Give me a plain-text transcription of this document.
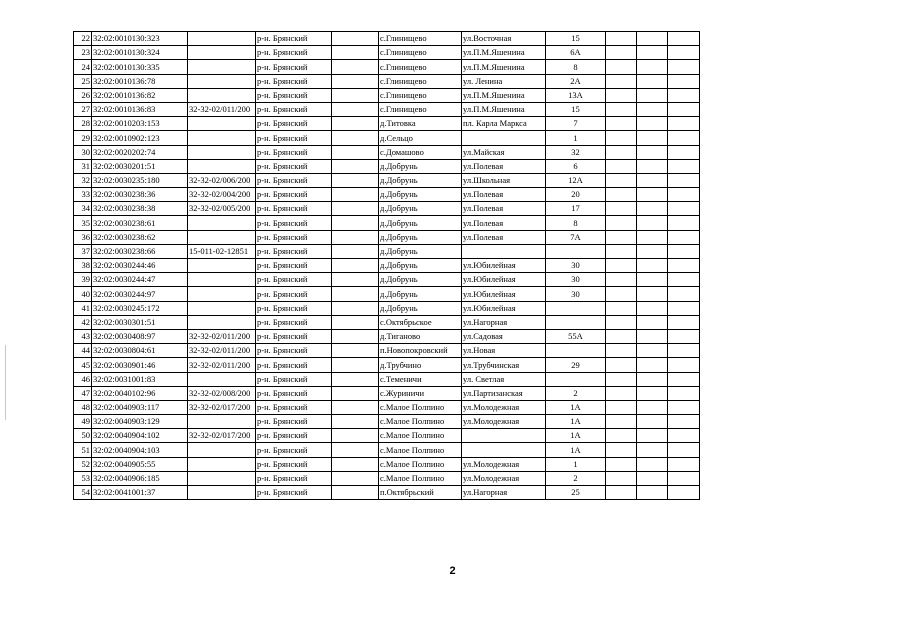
22	32:02:0010130:323		р-н. Брянский		с.Глинищево	ул.Восточная	15			
23	32:02:0010130:324		р-н. Брянский		с.Глинищево	ул.П.М.Яшенина	6А			
24	32:02:0010130:335		р-н. Брянский		с.Глинищево	ул.П.М.Яшенина	8			
25	32:02:0010136:78		р-н. Брянский		с.Глинищево	ул. Ленина	2А			
26	32:02:0010136:82		р-н. Брянский		с.Глинищево	ул.П.М.Яшенина	13А			
27	32:02:0010136:83	32-32-02/011/200	р-н. Брянский		с.Глинищево	ул.П.М.Яшенина	15			
28	32:02:0010203:153		р-н. Брянский		д.Титовка	пл. Карла Маркса	7			
29	32:02:0010902:123		р-н. Брянский		д.Сельцо		1			
30	32:02:0020202:74		р-н. Брянский		с.Домашово	ул.Майская	32			
31	32:02:0030201:51		р-н. Брянский		д.Добрунь	ул.Полевая	6			
32	32:02:0030235:180	32-32-02/006/200	р-н. Брянский		д.Добрунь	ул.Школьная	12А			
33	32:02:0030238:36	32-32-02/004/200	р-н. Брянский		д.Добрунь	ул.Полевая	20			
34	32:02:0030238:38	32-32-02/005/200	р-н. Брянский		д.Добрунь	ул.Полевая	17			
35	32:02:0030238:61		р-н. Брянский		д.Добрунь	ул.Полевая	8			
36	32:02:0030238:62		р-н. Брянский		д.Добрунь	ул.Полевая	7А			
37	32:02:0030238:66	15-011-02-12851	р-н. Брянский		д.Добрунь					
38	32:02:0030244:46		р-н. Брянский		д.Добрунь	ул.Юбилейная	30			
39	32:02:0030244:47		р-н. Брянский		д.Добрунь	ул.Юбилейная	30			
40	32:02:0030244:97		р-н. Брянский		д.Добрунь	ул.Юбилейная	30			
41	32:02:0030245:172		р-н. Брянский		д.Добрунь	ул.Юбилейная				
42	32:02:0030301:51		р-н. Брянский		с.Октябрьское	ул.Нагорная				
43	32:02:0030408:97	32-32-02/011/200	р-н. Брянский		д.Тиганово	ул.Садовая	55А			
44	32:02:0030804:61	32-32-02/011/200	р-н. Брянский		п.Новопокровский	ул.Новая				
45	32:02:0030901:46	32-32-02/011/200	р-н. Брянский		д.Трубчино	ул.Трубчинская	29			
46	32:02:0031001:83		р-н. Брянский		с.Теменичи	ул. Светлая				
47	32:02:0040102:96	32-32-02/008/200	р-н. Брянский		с.Журиничи	ул.Партизанская	2			
48	32:02:0040903:117	32-32-02/017/200	р-н. Брянский		с.Малое Полпино	ул.Молодежная	1А			
49	32:02:0040903:129		р-н. Брянский		с.Малое Полпино	ул.Молодежная	1А			
50	32:02:0040904:102	32-32-02/017/200	р-н. Брянский		с.Малое Полпино		1А			
51	32:02:0040904:103		р-н. Брянский		с.Малое Полпино		1А			
52	32:02:0040905:55		р-н. Брянский		с.Малое Полпино	ул.Молодежная	1			
53	32:02:0040906:185		р-н. Брянский		с.Малое Полпино	ул.Молодежная	2			
54	32:02:0041001:37		р-н. Брянский		п.Октябрьский	ул.Нагорная	25			
2
